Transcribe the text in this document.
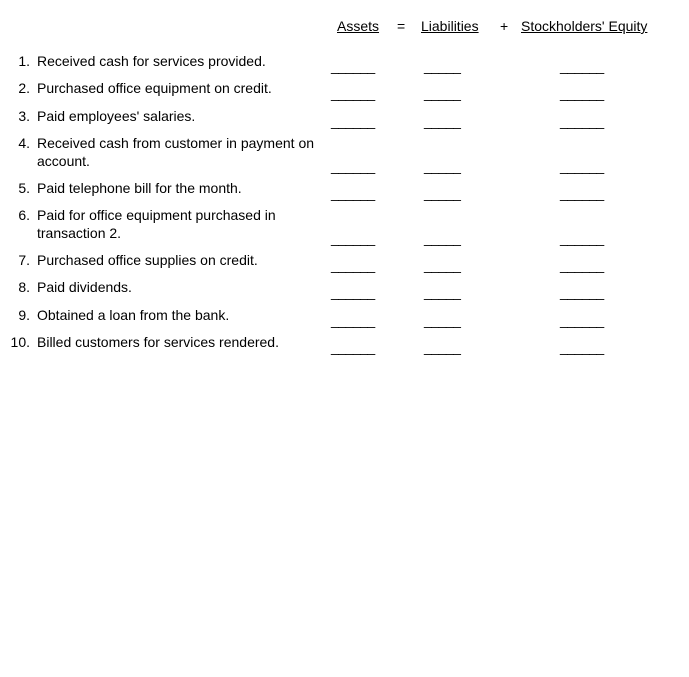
Assets = Liabilities + Stockholders' Equity
1. Received cash for services provided.	______	_____	______
2. Purchased office equipment on credit.	______	_____	______
3. Paid employees' salaries.	______	_____	______
4. Received cash from customer in payment on account.	______	_____	______
5. Paid telephone bill for the month.	______	_____	______
6. Paid for office equipment purchased in transaction 2.	______	_____	______
7. Purchased office supplies on credit.	______	_____	______
8. Paid dividends.	______	_____	______
9. Obtained a loan from the bank.	______	_____	______
10. Billed customers for services rendered.	______	_____	______
